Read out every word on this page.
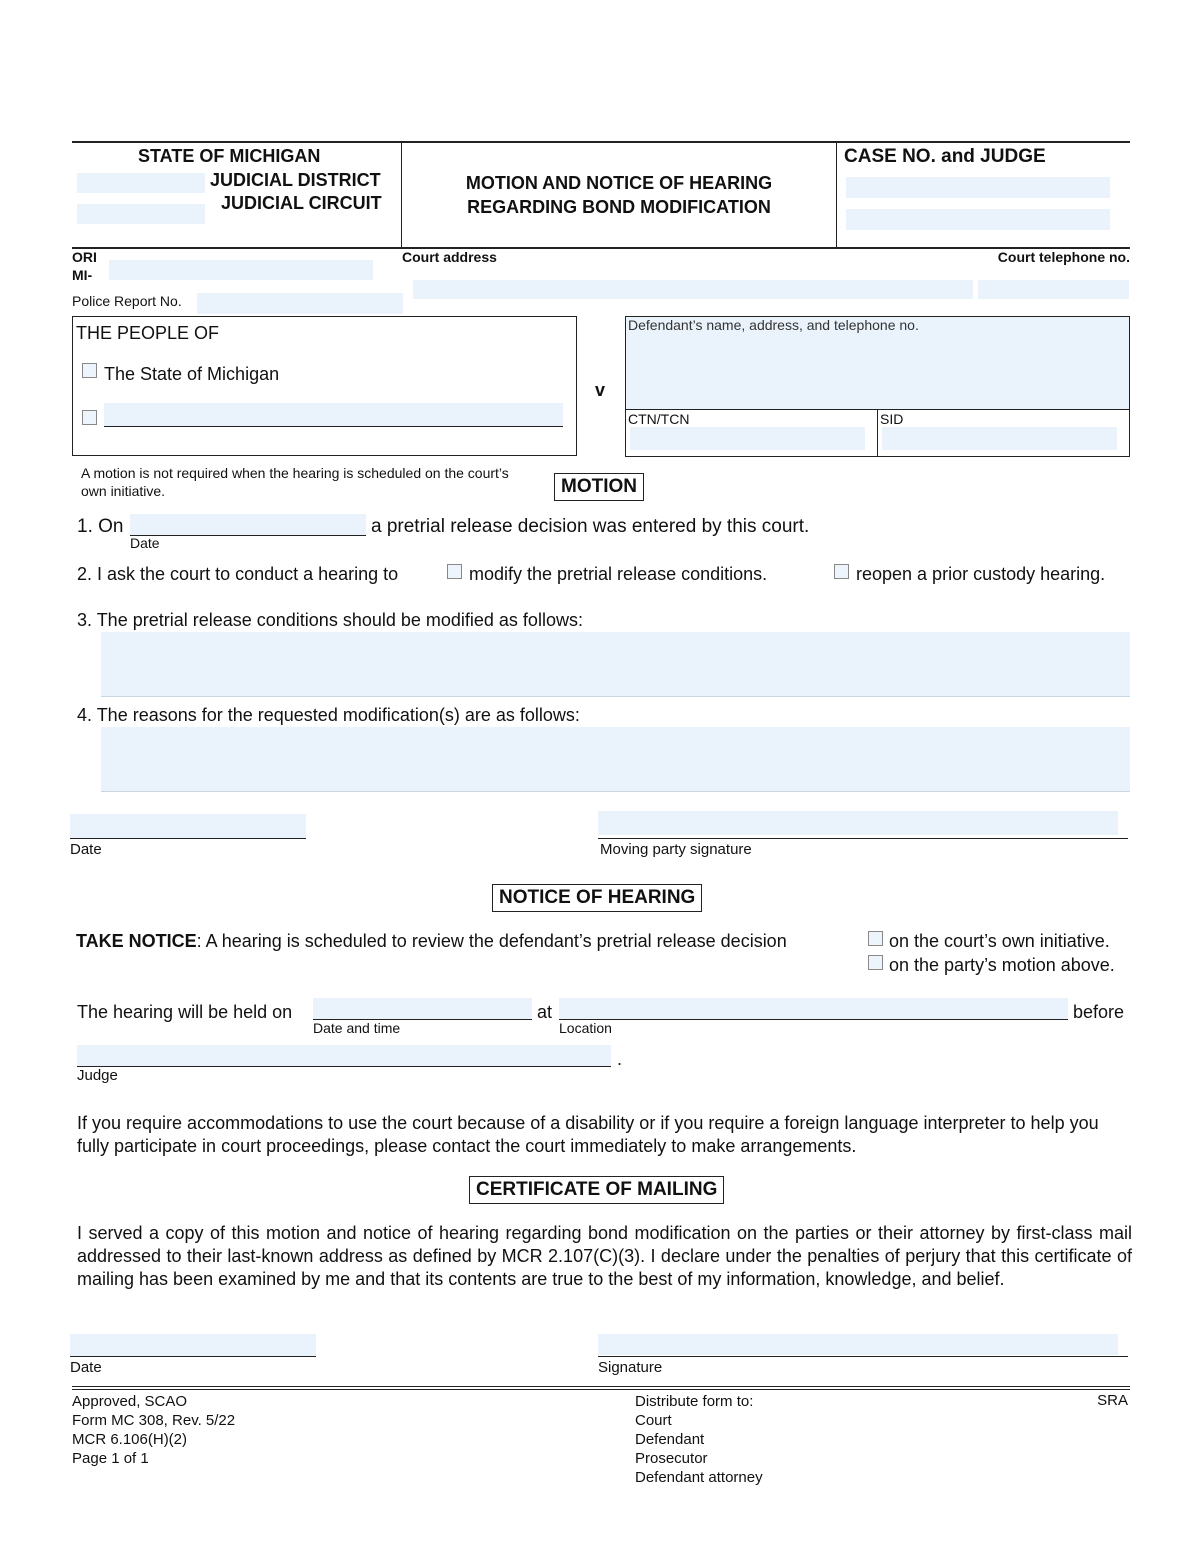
STATE OF MICHIGAN
JUDICIAL DISTRICT
JUDICIAL CIRCUIT
MOTION AND NOTICE OF HEARING
REGARDING BOND MODIFICATION
CASE NO. and JUDGE
ORI
MI-
Court address	Court telephone no.
Police Report No.
THE PEOPLE OF
The State of Michigan
v
Defendant’s name, address, and telephone no.
CTN/TCN	SID
A motion is not required when the hearing is scheduled on the court’s own initiative.	MOTION
1. On
Date
a pretrial release decision was entered by this court.
2. I ask the court to conduct a hearing to	modify the pretrial release conditions.	reopen a prior custody hearing.
3. The pretrial release conditions should be modified as follows:
4. The reasons for the requested modification(s) are as follows:
Date	Moving party signature
NOTICE OF HEARING
TAKE NOTICE: A hearing is scheduled to review the defendant’s pretrial release decision	on the court’s own initiative.
on the party’s motion above.
The hearing will be held on
Date and time
at
Location
before
.
Judge
If you require accommodations to use the court because of a disability or if you require a foreign language interpreter to help you fully participate in court proceedings, please contact the court immediately to make arrangements.
CERTIFICATE OF MAILING
I served a copy of this motion and notice of hearing regarding bond modification on the parties or their attorney by first-class mail addressed to their last-known address as defined by MCR 2.107(C)(3). I declare under the penalties of perjury that this certificate of mailing has been examined by me and that its contents are true to the best of my information, knowledge, and belief.
Date	Signature
Approved, SCAO
Form MC 308, Rev. 5/22
MCR 6.106(H)(2)
Page 1 of 1
Distribute form to:
Court
Defendant
Prosecutor
Defendant attorney
SRA
